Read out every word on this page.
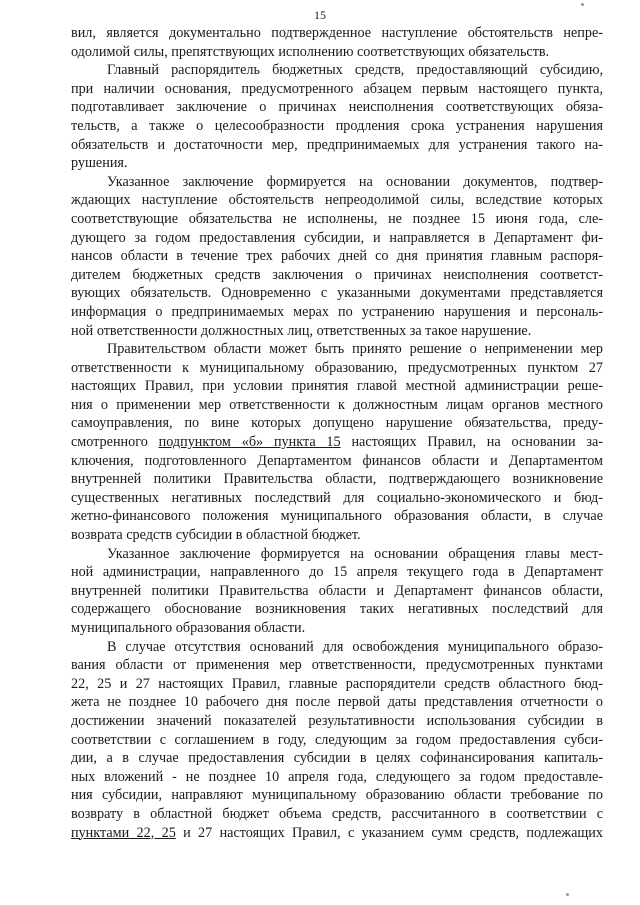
15

вил, является документально подтвержденное наступление обстоятельств непре-
одолимой силы, препятствующих исполнению соответствующих обязательств.

Главный распорядитель бюджетных средств, предоставляющий субсидию,
при наличии основания, предусмотренного абзацем первым настоящего пункта,
подготавливает заключение о причинах неисполнения соответствующих обяза-
тельств, а также о целесообразности продления срока устранения нарушения
обязательств и достаточности мер, предпринимаемых для устранения такого на-
рушения.

Указанное заключение формируется на основании документов, подтвер-
ждающих наступление обстоятельств непреодолимой силы, вследствие которых
соответствующие обязательства не исполнены, не позднее 15 июня года, сле-
дующего за годом предоставления субсидии, и направляется в Департамент фи-
нансов области в течение трех рабочих дней со дня принятия главным распоря-
дителем бюджетных средств заключения о причинах неисполнения соответст-
вующих обязательств. Одновременно с указанными документами представляется
информация о предпринимаемых мерах по устранению нарушения и персональ-
ной ответственности должностных лиц, ответственных за такое нарушение.

Правительством области может быть принято решение о неприменении мер
ответственности к муниципальному образованию, предусмотренных пунктом 27
настоящих Правил, при условии принятия главой местной администрации реше-
ния о применении мер ответственности к должностным лицам органов местного
самоуправления, по вине которых допущено нарушение обязательства, преду-
смотренного подпунктом «б» пункта 15 настоящих Правил, на основании за-
ключения, подготовленного Департаментом финансов области и Департаментом
внутренней политики Правительства области, подтверждающего возникновение
существенных негативных последствий для социально-экономического и бюд-
жетно-финансового положения муниципального образования области, в случае
возврата средств субсидии в областной бюджет.

Указанное заключение формируется на основании обращения главы мест-
ной администрации, направленного до 15 апреля текущего года в Департамент
внутренней политики Правительства области и Департамент финансов области,
содержащего обоснование возникновения таких негативных последствий для
муниципального образования области.

В случае отсутствия оснований для освобождения муниципального образо-
вания области от применения мер ответственности, предусмотренных пунктами
22, 25 и 27 настоящих Правил, главные распорядители средств областного бюд-
жета не позднее 10 рабочего дня после первой даты представления отчетности о
достижении значений показателей результативности использования субсидии в
соответствии с соглашением в году, следующим за годом предоставления субси-
дии, а в случае предоставления субсидии в целях софинансирования капиталь-
ных вложений - не позднее 10 апреля года, следующего за годом предоставле-
ния субсидии, направляют муниципальному образованию области требование по
возврату в областной бюджет объема средств, рассчитанного в соответствии с
пунктами 22, 25 и 27 настоящих Правил, с указанием сумм средств, подлежащих
